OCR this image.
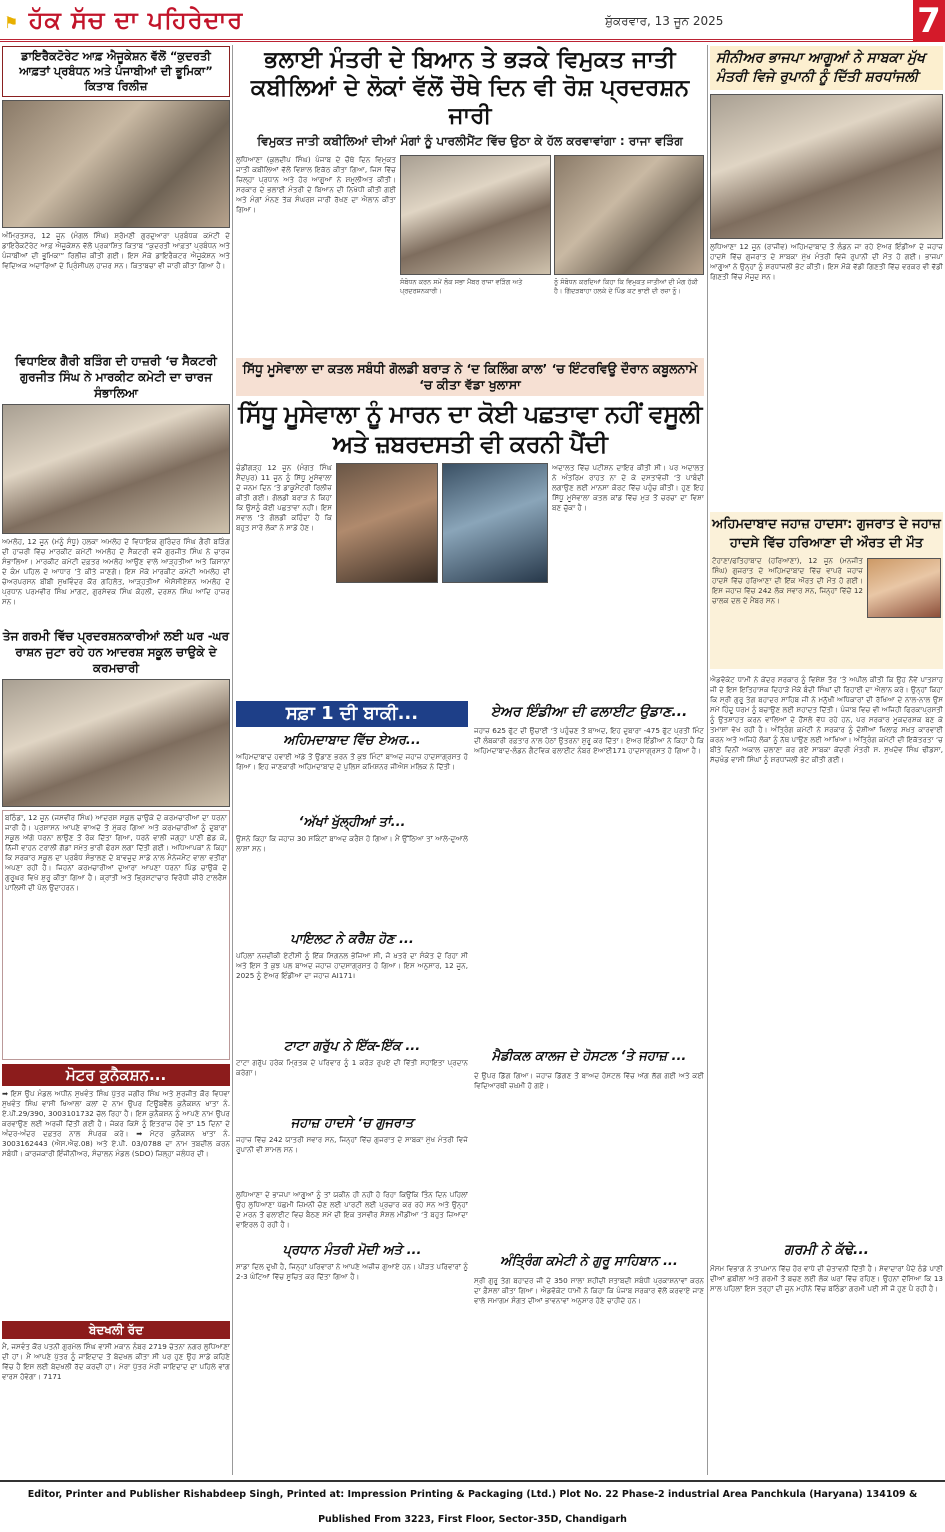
⚑ ਹੱਕ ਸੱਚ ਦਾ ਪਹਿਰੇਦਾਰ	ਸ਼ੁੱਕਰਵਾਰ, 13 ਜੂਨ 2025	7
ਡਾਇਰੈਕਟੋਰੇਟ ਆਫ਼ ਐਜੂਕੇਸ਼ਨ ਵੱਲੋਂ “ਕੁਦਰਤੀ ਆਫ਼ਤਾਂ ਪ੍ਰਬੰਧਨ ਅਤੇ ਪੰਜਾਬੀਆਂ ਦੀ ਭੂਮਿਕਾ” ਕਿਤਾਬ ਰਿਲੀਜ਼
ਅੰਮ੍ਰਿਤਸਰ, 12 ਜੂਨ (ਮੰਗਲ ਸਿੰਘ) ਸ਼੍ਰੋਮਣੀ ਗੁਰਦੁਆਰਾ ਪ੍ਰਬੰਧਕ ਕਮੇਟੀ ਦੇ ਡਾਇਰੈਕਟੋਰੇਟ ਆਫ਼ ਐਜੂਕੇਸ਼ਨ ਵੱਲੋਂ ਪ੍ਰਕਾਸ਼ਿਤ ਕਿਤਾਬ “ਕੁਦਰਤੀ ਆਫ਼ਤਾਂ ਪ੍ਰਬੰਧਨ ਅਤੇ ਪੰਜਾਬੀਆਂ ਦੀ ਭੂਮਿਕਾ” ਰਿਲੀਜ਼ ਕੀਤੀ ਗਈ। ਇਸ ਮੌਕੇ ਡਾਇਰੈਕਟਰ ਐਜੂਕੇਸ਼ਨ ਅਤੇ ਵਿਦਿਅਕ ਅਦਾਰਿਆਂ ਦੇ ਪ੍ਰਿੰਸੀਪਲ ਹਾਜ਼ਰ ਸਨ। ਕਿਤਾਬਚਾ ਵੀ ਜਾਰੀ ਕੀਤਾ ਗਿਆ ਹੈ।
ਵਿਧਾਇਕ ਗੈਰੀ ਬੜਿੰਗ ਦੀ ਹਾਜ਼ਰੀ ‘ਚ ਸੈਕਟਰੀ ਗੁਰਜੀਤ ਸਿੰਘ ਨੇ ਮਾਰਕੀਟ ਕਮੇਟੀ ਦਾ ਚਾਰਜ ਸੰਭਾਲਿਆ
ਅਮਲੋਹ, 12 ਜੂਨ (ਮਨੂੰ ਸੰਧੂ) ਹਲਕਾ ਅਮਲੋਹ ਦੇ ਵਿਧਾਇਕ ਗੁਰਿੰਦਰ ਸਿੰਘ ਗੈਰੀ ਬੜਿੰਗ ਦੀ ਹਾਜ਼ਰੀ ਵਿੱਚ ਮਾਰਕੀਟ ਕਮੇਟੀ ਅਮਲੋਹ ਦੇ ਸੈਕਟਰੀ ਵਜੋਂ ਗੁਰਜੀਤ ਸਿੰਘ ਨੇ ਚਾਰਜ ਸੰਭਾਲਿਆ। ਮਾਰਕੀਟ ਕਮੇਟੀ ਦਫ਼ਤਰ ਅਮਲੋਹ ਆਉਣ ਵਾਲੇ ਆੜ੍ਹਤੀਆਂ ਅਤੇ ਕਿਸਾਨਾਂ ਦੇ ਕੰਮ ਪਹਿਲ ਦੇ ਆਧਾਰ ’ਤੇ ਕੀਤੇ ਜਾਣਗੇ। ਇਸ ਮੌਕੇ ਮਾਰਕੀਟ ਕਮੇਟੀ ਅਮਲੋਹ ਦੀ ਚੇਅਰਪਰਸਨ ਬੀਬੀ ਸੁਖਵਿੰਦਰ ਕੌਰ ਗਹਿਲੋਤ, ਆੜ੍ਹਤੀਆਂ ਐਸੋਸੀਏਸ਼ਨ ਅਮਲੋਹ ਦੇ ਪ੍ਰਧਾਨ ਪਰਮਵੀਰ ਸਿੰਘ ਮਾਂਗਟ, ਗੁਰਸੇਵਕ ਸਿੰਘ ਕੋਹਲੀ, ਦਰਸ਼ਨ ਸਿੰਘ ਆਦਿ ਹਾਜ਼ਰ ਸਨ।
ਤੇਜ ਗਰਮੀ ਵਿੱਚ ਪ੍ਰਦਰਸ਼ਨਕਾਰੀਆਂ ਲਈ ਘਰ -ਘਰ ਰਾਸ਼ਨ ਜੁਟਾ ਰਹੇ ਹਨ ਆਦਰਸ਼ ਸਕੂਲ ਚਾਉਕੇ ਦੇ ਕਰਮਚਾਰੀ
ਬਠਿੰਡਾ, 12 ਜੂਨ (ਜਸਵੀਰ ਸਿੰਘ) ਆਦਰਸ਼ ਸਕੂਲ ਚਾਉਕੇ ਦੇ ਕਰਮਚਾਰੀਆਂ ਦਾ ਧਰਨਾ ਜਾਰੀ ਹੈ। ਪ੍ਰਸ਼ਾਸਨ ਆਪਣੇ ਵਾਅਦੇ ਤੋਂ ਮੁੱਕਰ ਗਿਆ ਅਤੇ ਕਰਮਚਾਰੀਆਂ ਨੂੰ ਦੁਬਾਰਾ ਸਕੂਲ ਅੱਗੇ ਧਰਨਾ ਲਾਉਣ ਤੋਂ ਰੋਕ ਦਿੱਤਾ ਗਿਆ, ਧਰਨੇ ਵਾਲੀ ਜਗ੍ਹਾ ਪਾਣੀ ਛੱਡ ਕੇ, ਨਿੱਜੀ ਵਾਹਨ ਟਰਾਲੀ ਗੱਡਾਂ ਸਮੇਤ ਭਾਰੀ ਫੋਰਸ ਲਗਾ ਦਿੱਤੀ ਗਈ। ਅਧਿਆਪਕਾਂ ਨੇ ਕਿਹਾ ਕਿ ਸਰਕਾਰ ਸਕੂਲ ਦਾ ਪ੍ਰਬੰਧ ਸੰਭਾਲਣ ਦੇ ਬਾਵਜੂਦ ਸਾਡੇ ਨਾਲ ਮੈਨੇਜਮੈਂਟ ਵਾਲਾ ਵਤੀਰਾ ਅਪਣਾ ਰਹੀ ਹੈ। ਜਿਹਨਾਂ ਕਰਮਚਾਰੀਆਂ ਦੁਆਰਾ ਆਪਣਾ ਧਰਨਾ ਪਿੰਡ ਚਾਉਕੇ ਦੇ ਗੁਰੂਘਰ ਵਿਖੇ ਸ਼ੁਰੂ ਕੀਤਾ ਗਿਆ ਹੈ। ਕ੍ਰਾਂਤੀ ਅਤੇ ਭ੍ਰਿਸ਼ਟਾਚਾਰ ਵਿਰੋਧੀ ਜ਼ੀਰੋ ਟਾਲਰੈਂਸ ਪਾਲਿਸੀ ਦੀ ਪੋਲ ਉਦਾਹਰਨ।
ਮੋਟਰ ਕੁਨੈਕਸ਼ਨ...
➡ ਇਸ ਉਪ ਮੰਡਲ ਅਧੀਨ ਸੁਖਵੰਤ ਸਿੰਘ ਪੁੱਤਰ ਜਗੀਰ ਸਿੰਘ ਅਤੇ ਸੁਰਜੀਤ ਕੌਰ ਵਿਧਵਾ ਸੁਖਵੰਤ ਸਿੰਘ ਵਾਸੀ ਖਿਆਲਾ ਕਲਾਂ ਦੇ ਨਾਮ ਉਪਰ ਟਿਊਬਵੈੱਲ ਕੁਨੈਕਸ਼ਨ ਖਾਤਾ ਨੰ. ਏ.ਪੀ.29/390, 3003101732 ਚੱਲ ਰਿਹਾ ਹੈ। ਇਸ ਕੁਨੈਕਸ਼ਨ ਨੂੰ ਆਪਣੇ ਨਾਮ ਉਪਰ ਕਰਵਾਉਣ ਲਈ ਅਰਜ਼ੀ ਦਿੱਤੀ ਗਈ ਹੈ। ਜੇਕਰ ਕਿਸੇ ਨੂੰ ਇਤਰਾਜ਼ ਹੋਵੇ ਤਾਂ 15 ਦਿਨਾਂ ਦੇ ਅੰਦਰ-ਅੰਦਰ ਦਫ਼ਤਰ ਨਾਲ ਸੰਪਰਕ ਕਰੇ। ➡ ਮੋਟਰ ਕੁਨੈਕਸ਼ਨ ਖਾਤਾ ਨੰ. 3003162443 (ਐਸ.ਐਫ.08) ਅਤੇ ਏ.ਪੀ. 03/0788 ਦਾ ਨਾਮ ਤਬਦੀਲ ਕਰਨ ਸਬੰਧੀ। ਕਾਰਜਕਾਰੀ ਇੰਜੀਨੀਅਰ, ਸੰਚਾਲਨ ਮੰਡਲ (SDO) ਜ਼ਿਲ੍ਹਾ ਜਲੰਧਰ ਦੀ।
ਬੇਦਖਲੀ ਰੱਦ
ਮੈਂ, ਜਸਵੰਤ ਕੌਰ ਪਤਨੀ ਗੁਰਮੇਲ ਸਿੰਘ ਵਾਸੀ ਮਕਾਨ ਨੰਬਰ 2719 ਚੇਤਨਾ ਨਗਰ ਲੁਧਿਆਣਾ ਦੀ ਹਾਂ। ਮੈਂ ਆਪਣੇ ਪੁੱਤਰ ਨੂੰ ਜਾਇਦਾਦ ਤੋਂ ਬੇਦਖਲ ਕੀਤਾ ਸੀ ਪਰ ਹੁਣ ਉਹ ਸਾਡੇ ਕਹਿਣੇ ਵਿੱਚ ਹੈ ਇਸ ਲਈ ਬੇਦਖਲੀ ਰੱਦ ਕਰਦੀ ਹਾਂ। ਮੇਰਾ ਪੁੱਤਰ ਮੇਰੀ ਜਾਇਦਾਦ ਦਾ ਪਹਿਲੇ ਵਾਂਗ ਵਾਰਸ ਹੋਵੇਗਾ। 7171
ਭਲਾਈ ਮੰਤਰੀ ਦੇ ਬਿਆਨ ਤੇ ਭੜਕੇ ਵਿਮੁਕਤ ਜਾਤੀ ਕਬੀਲਿਆਂ ਦੇ ਲੋਕਾਂ ਵੱਲੋਂ ਚੌਥੇ ਦਿਨ ਵੀ ਰੋਸ਼ ਪ੍ਰਦਰਸ਼ਨ ਜਾਰੀ
ਵਿਮੁਕਤ ਜਾਤੀ ਕਬੀਲਿਆਂ ਦੀਆਂ ਮੰਗਾਂ ਨੂੰ ਪਾਰਲੀਮੈਂਟ ਵਿੱਚ ਉਠਾ ਕੇ ਹੱਲ ਕਰਵਾਵਾਂਗਾ : ਰਾਜਾ ਵੜਿੰਗ
ਲੁਧਿਆਣਾ (ਕੁਲਦੀਪ ਸਿੰਘ) ਪੰਜਾਬ ਦੇ ਚੌਥੇ ਦਿਨ ਵਿਮੁਕਤ ਜਾਤੀ ਕਬੀਲਿਆਂ ਵੱਲੋਂ ਵਿਸ਼ਾਲ ਇਕੱਠ ਕੀਤਾ ਗਿਆ, ਜਿਸ ਵਿੱਚ ਜ਼ਿਲ੍ਹਾ ਪ੍ਰਧਾਨ ਅਤੇ ਹੋਰ ਆਗੂਆਂ ਨੇ ਸ਼ਮੂਲੀਅਤ ਕੀਤੀ। ਸਰਕਾਰ ਦੇ ਭਲਾਈ ਮੰਤਰੀ ਦੇ ਬਿਆਨ ਦੀ ਨਿਖੇਧੀ ਕੀਤੀ ਗਈ ਅਤੇ ਮੰਗਾਂ ਮੰਨਣ ਤੱਕ ਸੰਘਰਸ਼ ਜਾਰੀ ਰੱਖਣ ਦਾ ਐਲਾਨ ਕੀਤਾ ਗਿਆ।
ਸੰਬੋਧਨ ਕਰਨ ਸਮੇਂ ਲੋਕ ਸਭਾ ਮੈਂਬਰ ਰਾਜਾ ਵੜਿੰਗ ਅਤੇ ਪ੍ਰਦਰਸ਼ਨਕਾਰੀ।
ਨੂੰ ਸੰਬੋਧਨ ਕਰਦਿਆਂ ਕਿਹਾ ਕਿ ਵਿਮੁਕਤ ਜਾਤੀਆਂ ਦੀ ਮੰਗ ਹੱਕੀ ਹੈ। ਗਿੱਦੜਬਾਹਾ ਹਲਕੇ ਦੇ ਪਿੰਡ ਕਟ ਭਾਈ ਦੀ ਰਜ਼ਾ ਨੂੰ।
ਸਿੱਧੂ ਮੂਸੇਵਾਲਾ ਦਾ ਕਤਲ ਸਬੰਧੀ ਗੋਲਡੀ ਬਰਾੜ ਨੇ ‘ਦ ਕਿਲਿੰਗ ਕਾਲ’ ‘ਚ ਇੰਟਰਵਿਊ ਦੌਰਾਨ ਕਬੂਲਨਾਮੇ ‘ਚ ਕੀਤਾ ਵੱਡਾ ਖੁਲਾਸਾ
ਸਿੱਧੂ ਮੂਸੇਵਾਲਾ ਨੂੰ ਮਾਰਨ ਦਾ ਕੋਈ ਪਛਤਾਵਾ ਨਹੀਂ ਵਸੂਲੀ ਅਤੇ ਜ਼ਬਰਦਸਤੀ ਵੀ ਕਰਨੀ ਪੈਂਦੀ
ਚੰਡੀਗੜ੍ਹ 12 ਜੂਨ (ਮੰਗਤ ਸਿੰਘ ਸੈਦਪੁਰ) 11 ਜੂਨ ਨੂੰ ਸਿੱਧੂ ਮੂਸੇਵਾਲਾ ਦੇ ਜਨਮ ਦਿਨ ‘ਤੇ ਡਾਕੂਮੈਂਟਰੀ ਰਿਲੀਜ਼ ਕੀਤੀ ਗਈ। ਗੋਲਡੀ ਬਰਾੜ ਨੇ ਕਿਹਾ ਕਿ ਉਸਨੂੰ ਕੋਈ ਪਛਤਾਵਾ ਨਹੀਂ। ਇਸ ਸਵਾਲ ‘ਤੇ ਗੋਲਡੀ ਕਹਿੰਦਾ ਹੈ ਕਿ ਬਹੁਤ ਸਾਰੇ ਲੋਕਾਂ ਨੇ ਸਾਡੇ ਹੋਣ।
ਅਦਾਲਤ ਵਿੱਚ ਪਟੀਸ਼ਨ ਦਾਇਰ ਕੀਤੀ ਸੀ। ਪਰ ਅਦਾਲਤ ਨੇ ਅੰਤਰਿਮ ਰਾਹਤ ਨਾ ਦੇ ਕੇ ਦਸਤਾਵੇਜ਼ੀ ‘ਤੇ ਪਾਬੰਦੀ ਲਗਾਉਣ ਲਈ ਮਾਨਸਾ ਕੋਰਟ ਵਿੱਚ ਪਹੁੰਚ ਕੀਤੀ। ਹੁਣ ਇਹ ਸਿੱਧੂ ਮੂਸੇਵਾਲਾ ਕਤਲ ਕਾਂਡ ਵਿੱਚ ਮੁੜ ਤੋਂ ਚਰਚਾ ਦਾ ਵਿਸ਼ਾ ਬਣ ਚੁੱਕਾ ਹੈ।
ਸਫ਼ਾ 1 ਦੀ ਬਾਕੀ...
ਅਹਿਮਦਾਬਾਦ ਵਿੱਚ ਏਅਰ...
ਅਹਿਮਦਾਬਾਦ ਹਵਾਈ ਅੱਡੇ ਤੋਂ ਉਡਾਣ ਭਰਨ ਤੋਂ ਕੁਝ ਮਿੰਟਾਂ ਬਾਅਦ ਜਹਾਜ਼ ਹਾਦਸਾਗ੍ਰਸਤ ਹੋ ਗਿਆ। ਇਹ ਜਾਣਕਾਰੀ ਅਹਿਮਦਾਬਾਦ ਦੇ ਪੁਲਿਸ ਕਮਿਸ਼ਨਰ ਜੀਐਸ ਮਲਿਕ ਨੇ ਦਿੱਤੀ।
‘ਅੱਖਾਂ ਖੁੱਲ੍ਹੀਆਂ ਤਾਂ...
ਉਸਨੇ ਕਿਹਾ ਕਿ ਜਹਾਜ਼ 30 ਸਕਿੰਟਾਂ ਬਾਅਦ ਕਰੈਸ਼ ਹੋ ਗਿਆ। ਮੈਂ ਉੱਠਿਆ ਤਾਂ ਆਲੇ-ਦੁਆਲੇ ਲਾਸ਼ਾਂ ਸਨ।
ਪਾਇਲਟ ਨੇ ਕਰੈਸ਼ ਹੋਣ ...
ਪਹਿਲਾਂ ਨਜ਼ਦੀਕੀ ਏਟੀਸੀ ਨੂੰ ਇੱਕ ਸਿਗਨਲ ਭੇਜਿਆ ਸੀ, ਜੋ ਖ਼ਤਰੇ ਦਾ ਸੰਕੇਤ ਦੇ ਰਿਹਾ ਸੀ ਅਤੇ ਇਸ ਤੋਂ ਕੁਝ ਪਲ ਬਾਅਦ ਜਹਾਜ਼ ਹਾਦਸਾਗ੍ਰਸਤ ਹੋ ਗਿਆ। ਇਸ ਅਨੁਸਾਰ, 12 ਜੂਨ, 2025 ਨੂੰ ਏਅਰ ਇੰਡੀਆ ਦਾ ਜਹਾਜ਼ AI171।
ਟਾਟਾ ਗਰੁੱਪ ਨੇ ਇੱਕ-ਇੱਕ ...
ਟਾਟਾ ਗਰੁੱਪ ਹਰੇਕ ਮ੍ਰਿਤਕ ਦੇ ਪਰਿਵਾਰ ਨੂੰ 1 ਕਰੋੜ ਰੁਪਏ ਦੀ ਵਿੱਤੀ ਸਹਾਇਤਾ ਪ੍ਰਦਾਨ ਕਰੇਗਾ।
ਜਹਾਜ਼ ਹਾਦਸੇ ‘ਚ ਗੁਜਰਾਤ
ਜਹਾਜ਼ ਵਿੱਚ 242 ਯਾਤਰੀ ਸਵਾਰ ਸਨ, ਜਿਨ੍ਹਾਂ ਵਿੱਚ ਗੁਜਰਾਤ ਦੇ ਸਾਬਕਾ ਮੁੱਖ ਮੰਤਰੀ ਵਿਜੇ ਰੂਪਾਨੀ ਵੀ ਸ਼ਾਮਲ ਸਨ।
ਲੁਧਿਆਣਾ ਦੇ ਭਾਜਪਾ ਆਗੂਆਂ ਨੂੰ ਤਾਂ ਯਕੀਨ ਹੀ ਨਹੀਂ ਹੋ ਰਿਹਾ ਕਿਉਂਕਿ ਤਿੰਨ ਦਿਨ ਪਹਿਲਾਂ ਉਹ ਲੁਧਿਆਣਾ ਪੱਛਮੀ ਜ਼ਿਮਨੀ ਚੋਣ ਲਈ ਪਾਰਟੀ ਲਈ ਪ੍ਰਚਾਰ ਕਰ ਰਹੇ ਸਨ ਅਤੇ ਉਨ੍ਹਾਂ ਦੇ ਮਰਨ ਤੋਂ ਫਲਾਈਟ ਵਿਚ ਬੈਠਣ ਸਮੇਂ ਦੀ ਇਕ ਤਸਵੀਰ ਸੋਸ਼ਲ ਮੀਡੀਆ ‘ਤੇ ਬਹੁਤ ਜ਼ਿਆਦਾ ਵਾਇਰਲ ਹੋ ਰਹੀ ਹੈ।
ਪ੍ਰਧਾਨ ਮੰਤਰੀ ਮੋਦੀ ਅਤੇ ...
ਸਾਡਾ ਦਿਲ ਦੁਖੀ ਹੈ, ਜਿਨ੍ਹਾਂ ਪਰਿਵਾਰਾਂ ਨੇ ਆਪਣੇ ਅਜ਼ੀਜ਼ ਗੁਆਏ ਹਨ। ਪੀੜਤ ਪਰਿਵਾਰਾਂ ਨੂੰ 2-3 ਘੰਟਿਆਂ ਵਿੱਚ ਸੂਚਿਤ ਕਰ ਦਿੱਤਾ ਗਿਆ ਹੈ।
ਏਅਰ ਇੰਡੀਆ ਦੀ ਫਲਾਈਟ ਉਡਾਣ...
ਜਹਾਜ਼ 625 ਫੁੱਟ ਦੀ ਉਚਾਈ ‘ਤੇ ਪਹੁੰਚਣ ਤੋਂ ਬਾਅਦ, ਇਹ ਦੁਬਾਰਾ -475 ਫੁੱਟ ਪ੍ਰਤੀ ਮਿੰਟ ਦੀ ਲੰਬਕਾਰੀ ਰਫ਼ਤਾਰ ਨਾਲ ਹੇਠਾਂ ਉਤਰਨਾ ਸ਼ੁਰੂ ਕਰ ਦਿੱਤਾ। ਏਅਰ ਇੰਡੀਆ ਨੇ ਕਿਹਾ ਹੈ ਕਿ ਅਹਿਮਦਾਬਾਦ-ਲੰਡਨ ਗੈਟਵਿਕ ਫਲਾਈਟ ਨੰਬਰ ਏਆਈ171 ਹਾਦਸਾਗ੍ਰਸਤ ਹੋ ਗਿਆ ਹੈ।
ਮੈਡੀਕਲ ਕਾਲਜ ਦੇ ਹੋਸਟਲ ‘ਤੇ ਜਹਾਜ਼ ...
ਦੇ ਉਪਰ ਡਿੱਗ ਗਿਆ। ਜਹਾਜ਼ ਡਿੱਗਣ ਤੋਂ ਬਾਅਦ ਹੋਸਟਲ ਵਿੱਚ ਅੱਗ ਲੱਗ ਗਈ ਅਤੇ ਕਈ ਵਿਦਿਆਰਥੀ ਜ਼ਖ਼ਮੀ ਹੋ ਗਏ।
ਅੰਤ੍ਰਿੰਗ ਕਮੇਟੀ ਨੇ ਗੁਰੂ ਸਾਹਿਬਾਨ ...
ਸ੍ਰੀ ਗੁਰੂ ਤੇਗ ਬਹਾਦਰ ਜੀ ਦੇ 350 ਸਾਲਾ ਸ਼ਹੀਦੀ ਸ਼ਤਾਬਦੀ ਸਬੰਧੀ ਪ੍ਰਕਾਸ਼ਨਾਵਾਂ ਕਰਨ ਦਾ ਫ਼ੈਸਲਾ ਕੀਤਾ ਗਿਆ। ਐਡਵੋਕੇਟ ਧਾਮੀ ਨੇ ਕਿਹਾ ਕਿ ਪੰਜਾਬ ਸਰਕਾਰ ਵੱਲੋਂ ਕਰਵਾਏ ਜਾਣ ਵਾਲੇ ਸਮਾਗਮ ਸੰਗਤ ਦੀਆਂ ਭਾਵਨਾਵਾਂ ਅਨੁਸਾਰ ਹੋਣੇ ਚਾਹੀਦੇ ਹਨ।
ਸੀਨੀਅਰ ਭਾਜਪਾ ਆਗੂਆਂ ਨੇ ਸਾਬਕਾ ਮੁੱਖ ਮੰਤਰੀ ਵਿਜੇ ਰੁਪਾਨੀ ਨੂੰ ਦਿੱਤੀ ਸ਼ਰਧਾਂਜਲੀ
ਲੁਧਿਆਣਾ 12 ਜੂਨ (ਰਾਜੀਵ) ਅਹਿਮਦਾਬਾਦ ਤੋਂ ਲੰਡਨ ਜਾ ਰਹੇ ਏਅਰ ਇੰਡੀਆ ਦੇ ਜਹਾਜ਼ ਹਾਦਸੇ ਵਿੱਚ ਗੁਜਰਾਤ ਦੇ ਸਾਬਕਾ ਮੁੱਖ ਮੰਤਰੀ ਵਿਜੇ ਰੁਪਾਨੀ ਦੀ ਮੌਤ ਹੋ ਗਈ। ਭਾਜਪਾ ਆਗੂਆਂ ਨੇ ਉਨ੍ਹਾਂ ਨੂੰ ਸ਼ਰਧਾਂਜਲੀ ਭੇਟ ਕੀਤੀ। ਇਸ ਮੌਕੇ ਵੱਡੀ ਗਿਣਤੀ ਵਿੱਚ ਵਰਕਰ ਵੀ ਵੱਡੀ ਗਿਣਤੀ ਵਿੱਚ ਮੌਜੂਦ ਸਨ।
ਅਹਿਮਦਾਬਾਦ ਜਹਾਜ਼ ਹਾਦਸਾ: ਗੁਜਰਾਤ ਦੇ ਜਹਾਜ਼ ਹਾਦਸੇ ਵਿੱਚ ਹਰਿਆਣਾ ਦੀ ਔਰਤ ਦੀ ਮੌਤ
ਟੋਹਾਣਾ/ਫਤਿਹਾਬਾਦ (ਹਰਿਆਣਾ), 12 ਜੂਨ (ਮਨਜੀਤ ਸਿੰਘ) ਗੁਜਰਾਤ ਦੇ ਅਹਿਮਦਾਬਾਦ ਵਿੱਚ ਵਾਪਰੇ ਜਹਾਜ਼ ਹਾਦਸੇ ਵਿੱਚ ਹਰਿਆਣਾ ਦੀ ਇੱਕ ਔਰਤ ਦੀ ਮੌਤ ਹੋ ਗਈ। ਇਸ ਜਹਾਜ਼ ਵਿੱਚ 242 ਲੋਕ ਸਵਾਰ ਸਨ, ਜਿਨ੍ਹਾਂ ਵਿੱਚੋਂ 12 ਚਾਲਕ ਦਲ ਦੇ ਮੈਂਬਰ ਸਨ।
ਐਡਵੋਕੇਟ ਧਾਮੀ ਨੇ ਕੇਂਦਰ ਸਰਕਾਰ ਨੂੰ ਵਿਸ਼ੇਸ਼ ਤੌਰ ’ਤੇ ਅਪੀਲ ਕੀਤੀ ਕਿ ਉਹ ਨੌਵੇਂ ਪਾਤਸ਼ਾਹ ਜੀ ਦੇ ਇਸ ਇਤਿਹਾਸਕ ਦਿਹਾੜੇ ਮੌਕੇ ਬੰਦੀ ਸਿੰਘਾਂ ਦੀ ਰਿਹਾਈ ਦਾ ਐਲਾਨ ਕਰੇ। ਉਨ੍ਹਾਂ ਕਿਹਾ ਕਿ ਸ੍ਰੀ ਗੁਰੂ ਤੇਗ ਬਹਾਦਰ ਸਾਹਿਬ ਜੀ ਨੇ ਮਨੁੱਖੀ ਅਧਿਕਾਰਾਂ ਦੀ ਰੱਖਿਆ ਦੇ ਨਾਲ-ਨਾਲ ਉਸ ਸਮੇਂ ਹਿੰਦੂ ਧਰਮ ਨੂੰ ਬਚਾਉਣ ਲਈ ਸ਼ਹਾਦਤ ਦਿੱਤੀ। ਪੰਜਾਬ ਵਿਚ ਵੀ ਅਜਿਹੀ ਫਿਰਕਾਪ੍ਰਸਤੀ ਨੂੰ ਉਤਸ਼ਾਹਤ ਕਰਨ ਵਾਲਿਆਂ ਦੇ ਹੌਂਸਲੇ ਵੱਧ ਰਹੇ ਹਨ, ਪਰ ਸਰਕਾਰ ਮੂਕਦਰਸ਼ਕ ਬਣ ਕੇ ਤਮਾਸ਼ਾ ਵੇਖ ਰਹੀ ਹੈ। ਅੰਤ੍ਰਿੰਗ ਕਮੇਟੀ ਨੇ ਸਰਕਾਰ ਨੂੰ ਦੋਸ਼ੀਆਂ ਖਿਲਾਫ਼ ਸਖ਼ਤ ਕਾਰਵਾਈ ਕਰਨ ਅਤੇ ਅਜਿਹੇ ਲੋਕਾਂ ਨੂੰ ਨੱਥ ਪਾਉਣ ਲਈ ਆਖਿਆ। ਅੰਤ੍ਰਿੰਗ ਕਮੇਟੀ ਦੀ ਇਕੱਤਰਤਾ ‘ਚ ਬੀਤੇ ਦਿਨੀਂ ਅਕਾਲ ਚਲਾਣਾ ਕਰ ਗਏ ਸਾਬਕਾ ਕੇਂਦਰੀ ਮੰਤਰੀ ਸ. ਸੁਖਦੇਵ ਸਿੰਘ ਢੀਂਡਸਾ, ਸੱਚਖੰਡ ਵਾਸੀ ਸਿੰਘਾਂ ਨੂੰ ਸ਼ਰਧਾਂਜਲੀ ਭੇਟ ਕੀਤੀ ਗਈ।
ਗਰਮੀ ਨੇ ਕੱਢੇ...
ਮੌਸਮ ਵਿਭਾਗ ਨੇ ਤਾਪਮਾਨ ਵਿੱਚ ਹੋਰ ਵਾਧੇ ਦੀ ਚੇਤਾਵਨੀ ਦਿੱਤੀ ਹੈ। ਸੇਵਾਦਾਰਾਂ ਪੈਂਦੇ ਠੰਡੇ ਪਾਣੀ ਦੀਆਂ ਛਬੀਲਾਂ ਅਤੇ ਗਰਮੀ ਤੋਂ ਬਚਣ ਲਈ ਲੋਕ ਘਰਾਂ ਵਿੱਚ ਰਹਿਣ। ਉਹਨਾਂ ਦੱਸਿਆ ਕਿ 13 ਸਾਲ ਪਹਿਲਾਂ ਇਸ ਤਰ੍ਹਾਂ ਦੀ ਜੂਨ ਮਹੀਨੇ ਵਿੱਚ ਬਠਿੰਡਾ ਗਰਮੀ ਪਈ ਸੀ ਜੋ ਹੁਣ ਪੈ ਰਹੀ ਹੈ।
Editor, Printer and Publisher Rishabdeep Singh, Printed at: Impression Printing & Packaging (Ltd.) Plot No. 22 Phase-2 industrial Area Panchkula (Haryana) 134109 & Published From 3223, First Floor, Sector-35D, Chandigarh
